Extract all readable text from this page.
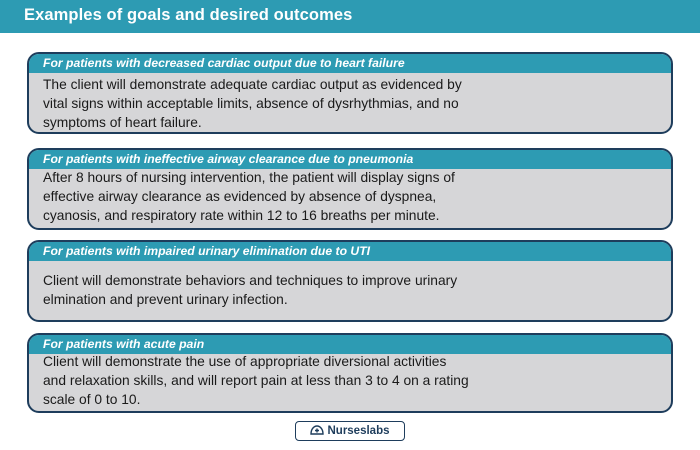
Examples of goals and desired outcomes
For patients with decreased cardiac output due to heart failure
The client will demonstrate adequate cardiac output as evidenced by
vital signs within acceptable limits, absence of dysrhythmias, and no
symptoms of heart failure.
For patients with ineffective airway clearance due to pneumonia
After 8 hours of nursing intervention, the patient will display signs of
effective airway clearance as evidenced by absence of dyspnea,
cyanosis, and respiratory rate within 12 to 16 breaths per minute.
For patients with impaired urinary elimination due to UTI
Client will demonstrate behaviors and techniques to improve urinary
elmination and prevent urinary infection.
For patients with acute pain
Client will demonstrate the use of appropriate diversional activities
and relaxation skills, and will report pain at less than 3 to 4 on a rating
scale of 0 to 10.
Nurseslabs
